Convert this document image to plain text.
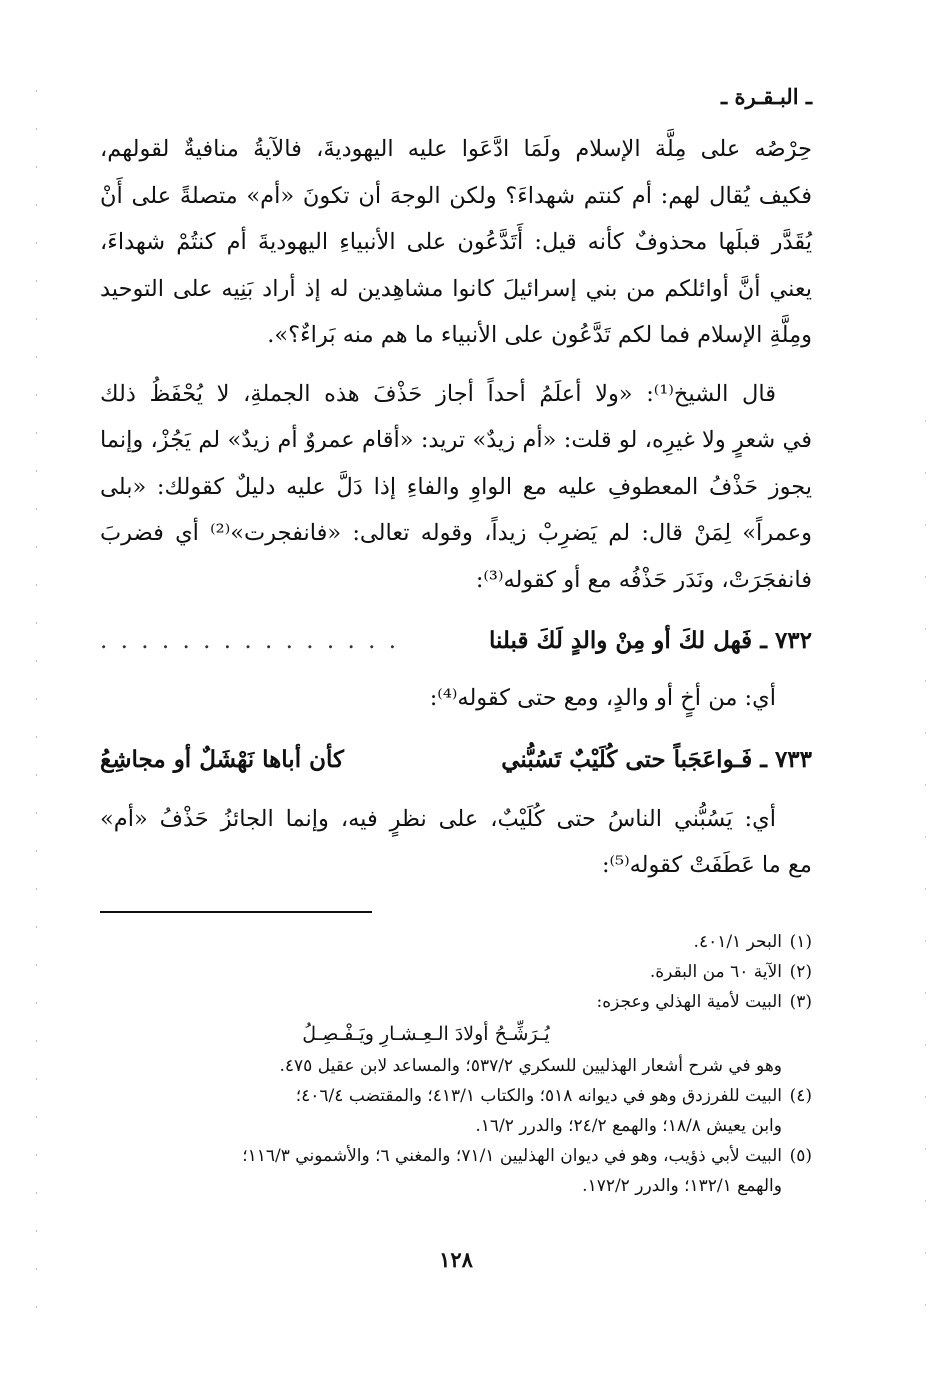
ـ البـقـرة ـ

حِرْصُه على مِلَّة الإسلام ولَمَا ادَّعَوا عليه اليهوديةَ، فالآيةُ منافيةٌ لقولهم،
فكيف يُقال لهم: أم كنتم شهداءَ؟ ولكن الوجهَ أن تكونَ «أم» متصلةً على أَنْ
يُقَدَّر قبلَها محذوفٌ كأنه قيل: أَتَدَّعُون على الأنبياءِ اليهوديةَ أم كنتُمْ شهداءَ،
يعني أنَّ أوائلكم من بني إسرائيلَ كانوا مشاهِدين له إذ أراد بَنِيه على التوحيد
ومِلَّةِ الإسلام فما لكم تَدَّعُون على الأنبياء ما هم منه بَراءٌ؟».

قال الشيخ⁽¹⁾: «ولا أعلَمُ أحداً أجاز حَذْفَ هذه الجملةِ، لا يُحْفَظُ ذلك

في شعرٍ ولا غيرِه، لو قلت: «أم زيدٌ» تريد: «أقام عمروٌ أم زيدٌ» لم يَجُزْ، وإنما
يجوز حَذْفُ المعطوفِ عليه مع الواوِ والفاءِ إذا دَلَّ عليه دليلٌ كقولك: «بلى
وعمراً» لِمَنْ قال: لم يَضرِبْ زيداً، وقوله تعالى: «فانفجرت»⁽²⁾ أي فضربَ
فانفجَرَتْ، ونَدَر حَذْفُه مع أو كقوله⁽³⁾:

٧٣٢
ـ
فَهل لكَ أو مِنْ والدٍ لَكَ قبلنا
. . . . . . . . . . . . . . .

أي: من أخٍ أو والدٍ، ومع حتى كقوله⁽⁴⁾:

٧٣٣
ـ
فَـواعَجَباً حتى كُلَيْبٌ تَسُبُّني
كأن أباها نَهْشَلٌ أو مجاشِعُ

أي: يَسُبُّني الناسُ حتى كُلَيْبٌ، على نظرٍ فيه، وإنما الجائزُ حَذْفُ «أم»
مع ما عَطَفَتْ كقوله⁽⁵⁾:

(١)البحر ٤٠١/١.

(٢)الآية ٦٠ من البقرة.

(٣)البيت لأمية الهذلي وعجزه:

يُـرَشِّـحُ أولادَ الـعِـشـارِ ويَـفْـصِـلُ

وهو في شرح أشعار الهذليين للسكري ٥٣٧/٢؛ والمساعد لابن عقيل ٤٧٥.

(٤)البيت للفرزدق وهو في ديوانه ٥١٨؛ والكتاب ٤١٣/١؛ والمقتضب ٤٠٦/٤؛

وابن يعيش ١٨/٨؛ والهمع ٢٤/٢؛ والدرر ١٦/٢.

(٥)البيت لأبي ذؤيب، وهو في ديوان الهذليين ٧١/١؛ والمغني ٦؛ والأشموني ١١٦/٣؛

والهمع ١٣٢/١؛ والدرر ١٧٢/٢.

١٢٨
